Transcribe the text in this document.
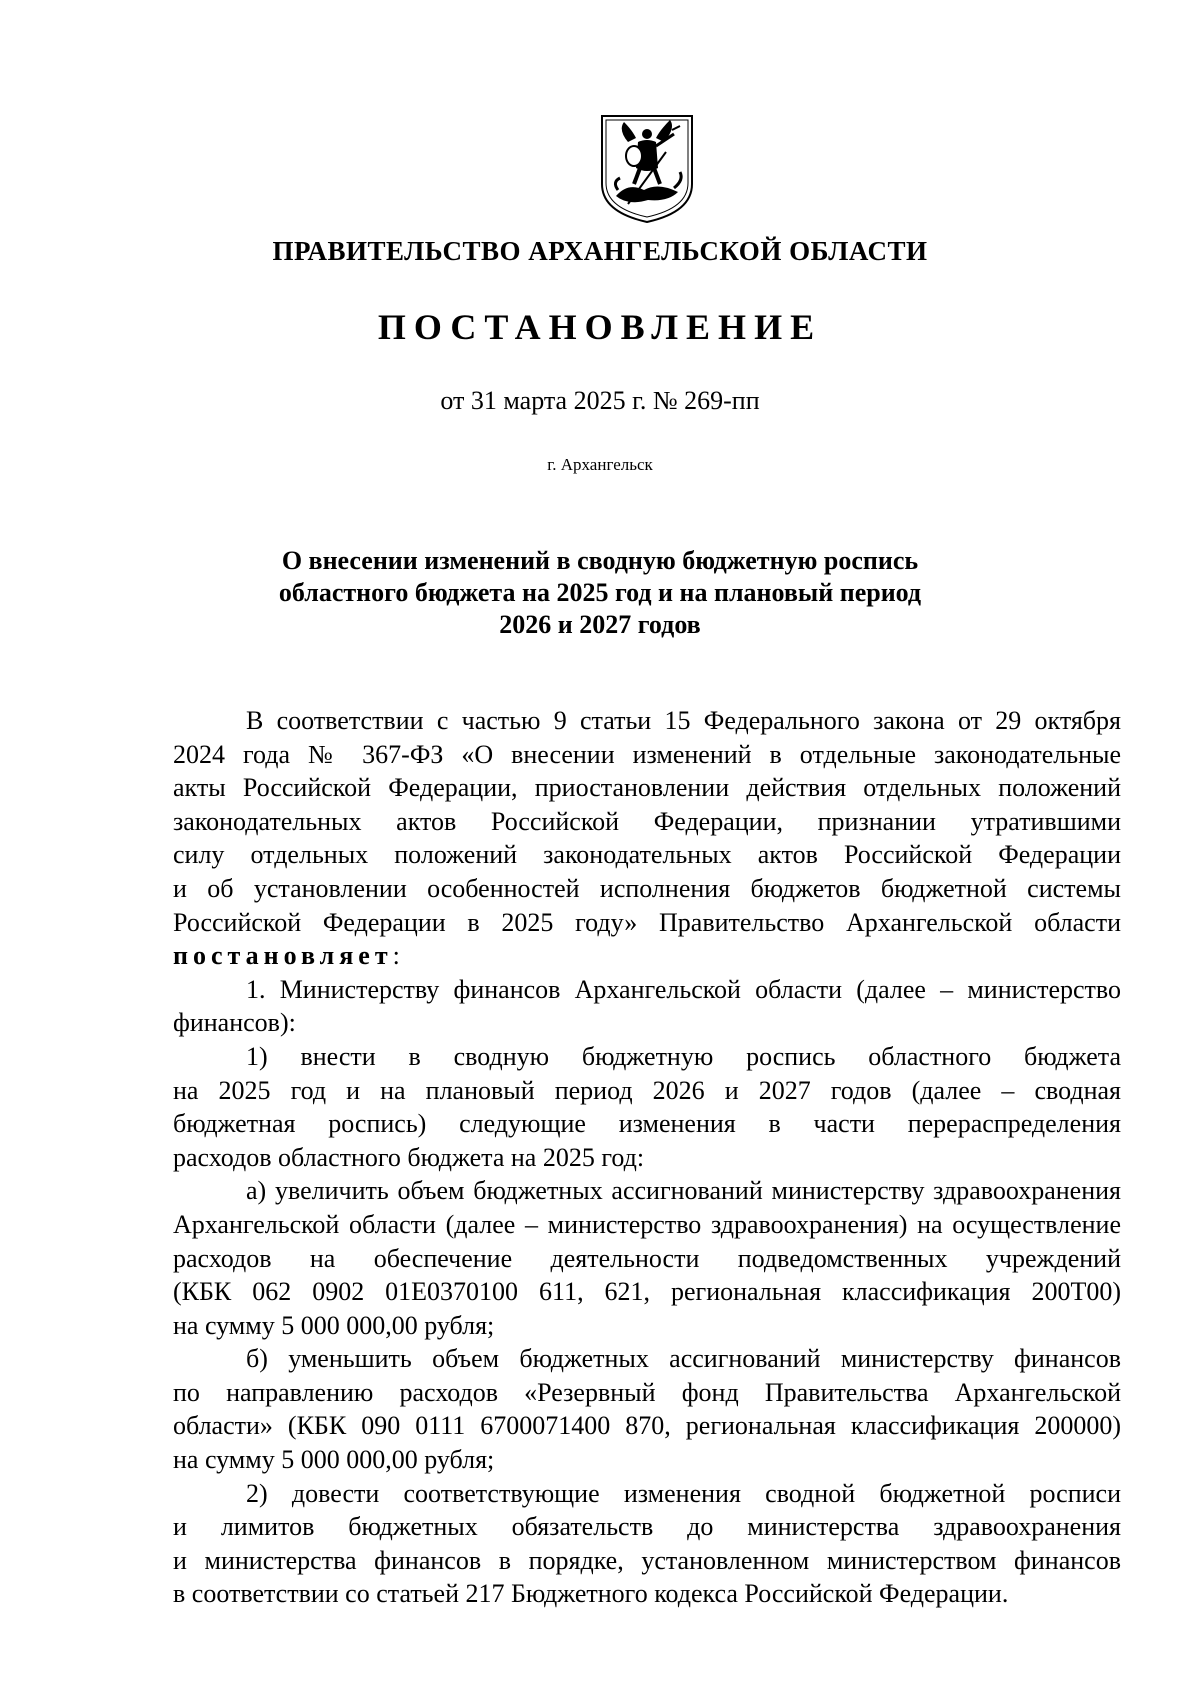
ПРАВИТЕЛЬСТВО АРХАНГЕЛЬСКОЙ ОБЛАСТИ
ПОСТАНОВЛЕНИЕ
от 31 марта 2025 г. № 269-пп
г. Архангельск
О внесении изменений в сводную бюджетную роспись
областного бюджета на 2025 год и на плановый период
2026 и 2027 годов
В соответствии с частью 9 статьи 15 Федерального закона от 29 октября
2024 года № 367-ФЗ «О внесении изменений в отдельные законодательные
акты Российской Федерации, приостановлении действия отдельных положений
законодательных актов Российской Федерации, признании утратившими
силу отдельных положений законодательных актов Российской Федерации
и об установлении особенностей исполнения бюджетов бюджетной системы
Российской Федерации в 2025 году» Правительство Архангельской области
постановляет:
1. Министерству финансов Архангельской области (далее – министерство
финансов):
1) внести в сводную бюджетную роспись областного бюджета
на 2025 год и на плановый период 2026 и 2027 годов (далее – сводная
бюджетная роспись) следующие изменения в части перераспределения
расходов областного бюджета на 2025 год:
а) увеличить объем бюджетных ассигнований министерству здравоохранения
Архангельской области (далее – министерство здравоохранения) на осуществление
расходов на обеспечение деятельности подведомственных учреждений
(КБК 062 0902 01Е0370100 611, 621, региональная классификация 200Т00)
на сумму 5 000 000,00 рубля;
б) уменьшить объем бюджетных ассигнований министерству финансов
по направлению расходов «Резервный фонд Правительства Архангельской
области» (КБК 090 0111 6700071400 870, региональная классификация 200000)
на сумму 5 000 000,00 рубля;
2) довести соответствующие изменения сводной бюджетной росписи
и лимитов бюджетных обязательств до министерства здравоохранения
и министерства финансов в порядке, установленном министерством финансов
в соответствии со статьей 217 Бюджетного кодекса Российской Федерации.
